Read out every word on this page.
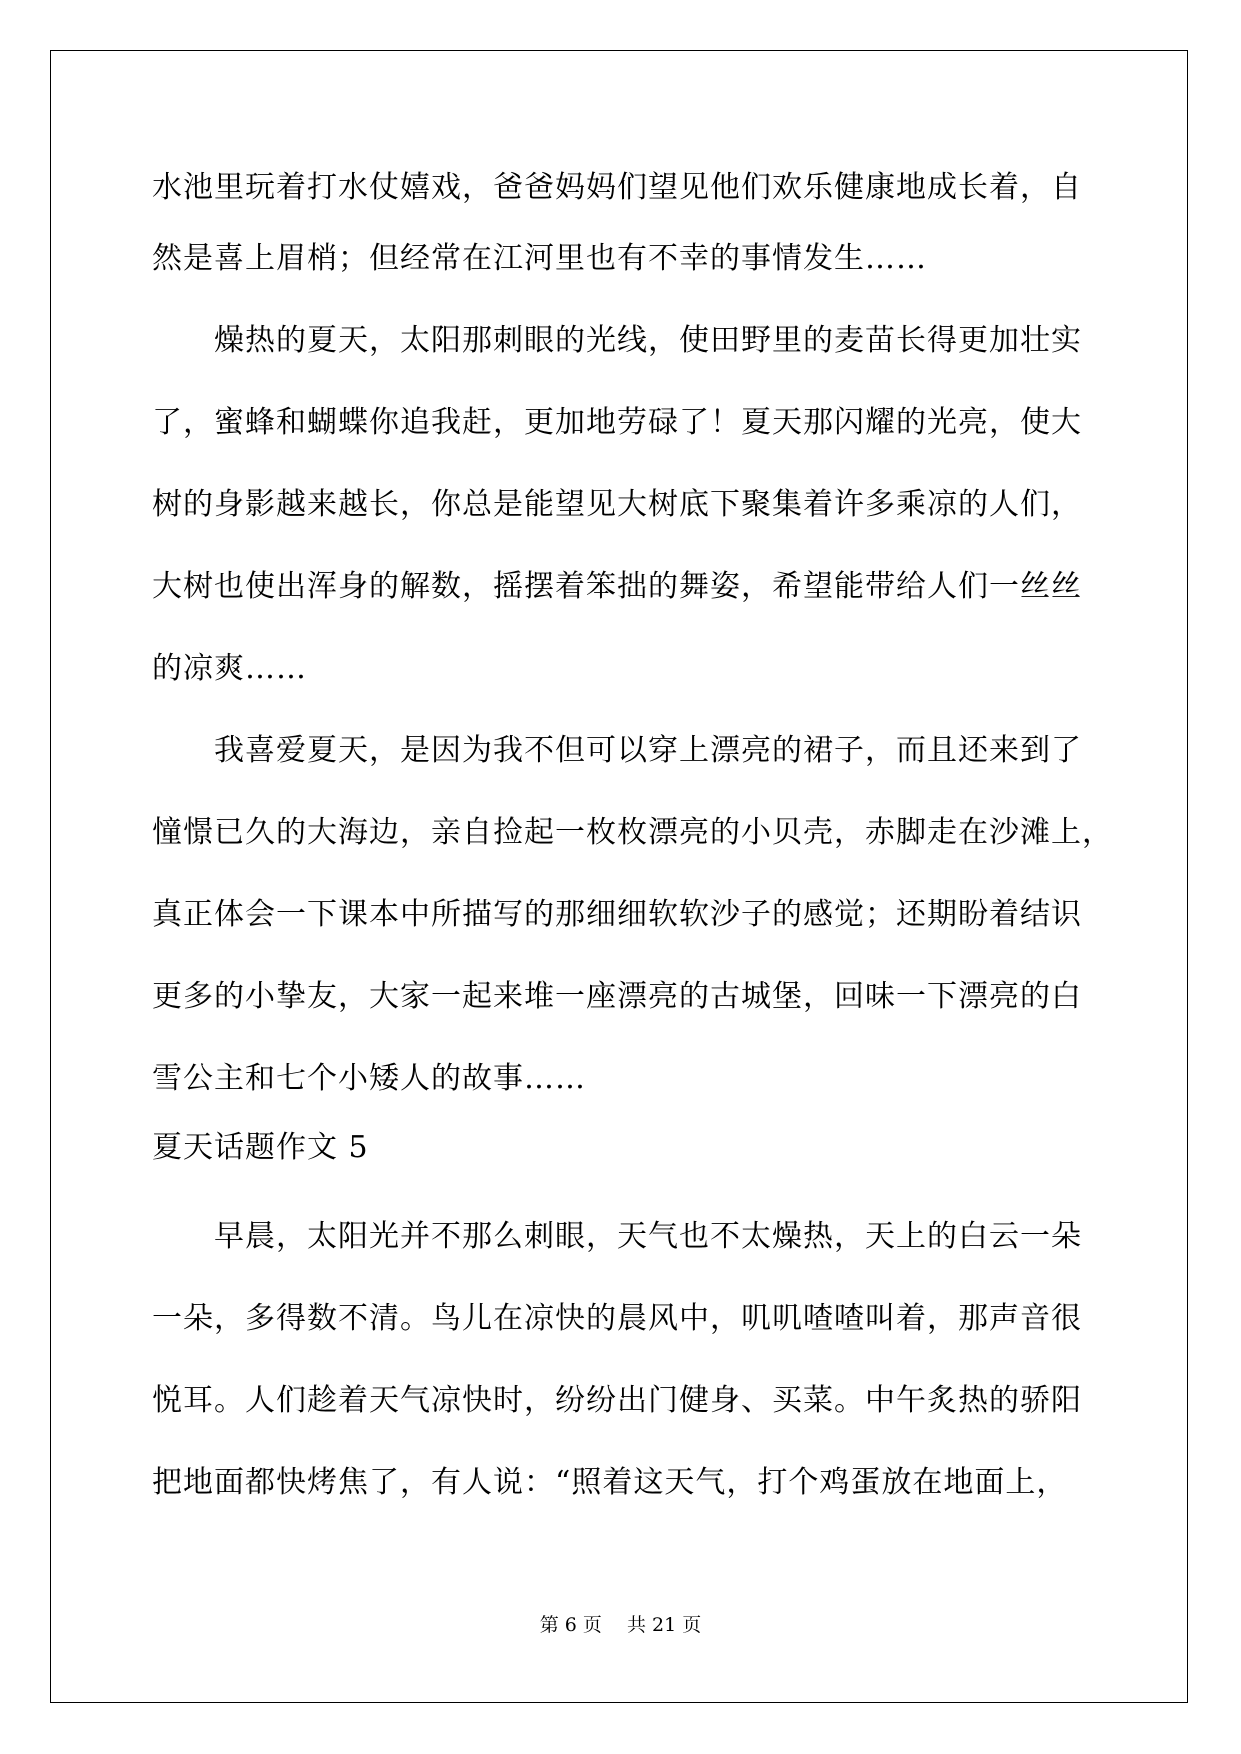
水池里玩着打水仗嬉戏，爸爸妈妈们望见他们欢乐健康地成长着，自
然是喜上眉梢；但经常在江河里也有不幸的事情发生……
燥热的夏天，太阳那刺眼的光线，使田野里的麦苗长得更加壮实
了，蜜蜂和蝴蝶你追我赶，更加地劳碌了！夏天那闪耀的光亮，使大
树的身影越来越长，你总是能望见大树底下聚集着许多乘凉的人们，
大树也使出浑身的解数，摇摆着笨拙的舞姿，希望能带给人们一丝丝
的凉爽……
我喜爱夏天，是因为我不但可以穿上漂亮的裙子，而且还来到了
憧憬已久的大海边，亲自捡起一枚枚漂亮的小贝壳，赤脚走在沙滩上，
真正体会一下课本中所描写的那细细软软沙子的感觉；还期盼着结识
更多的小挚友，大家一起来堆一座漂亮的古城堡，回味一下漂亮的白
雪公主和七个小矮人的故事……
夏天话题作文 5
早晨，太阳光并不那么刺眼，天气也不太燥热，天上的白云一朵
一朵，多得数不清。鸟儿在凉快的晨风中，叽叽喳喳叫着，那声音很
悦耳。人们趁着天气凉快时，纷纷出门健身、买菜。中午炙热的骄阳
把地面都快烤焦了，有人说：“照着这天气，打个鸡蛋放在地面上，
第 6 页　 共 21 页
